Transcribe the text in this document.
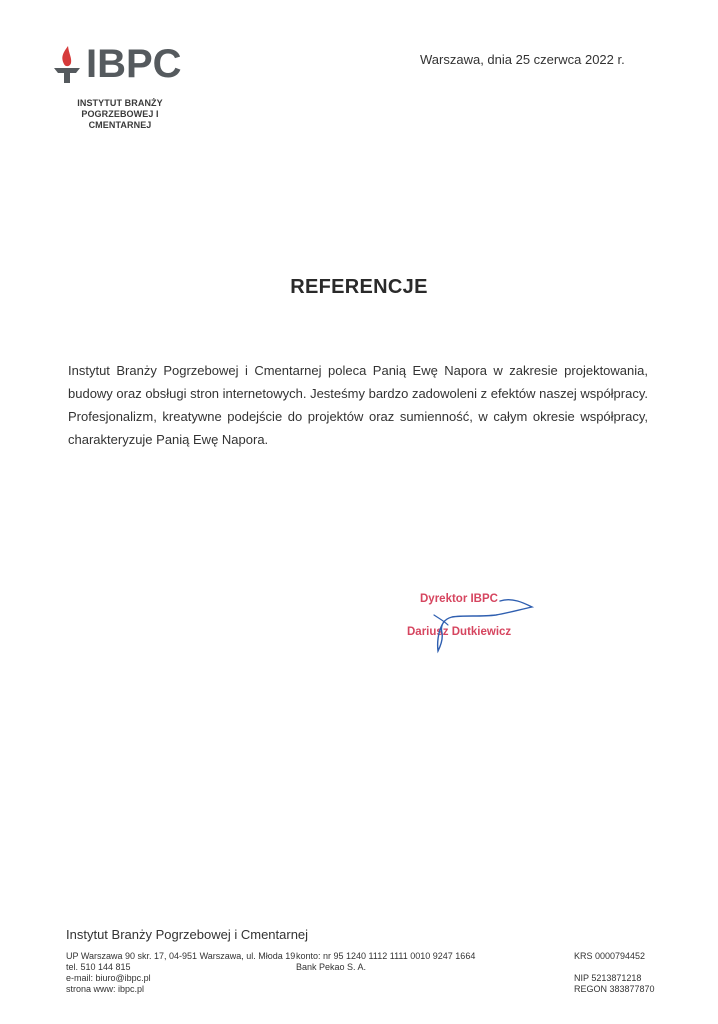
IBPC
INSTYTUT BRANŻY
POGRZEBOWEJ I CMENTARNEJ
Warszawa, dnia 25 czerwca 2022 r.
REFERENCJE
Instytut Branży Pogrzebowej i Cmentarnej poleca Panią Ewę Napora w zakresie projektowania, budowy oraz obsługi stron internetowych. Jesteśmy bardzo zadowoleni z efektów naszej współpracy. Profesjonalizm, kreatywne podejście do projektów oraz sumienność, w całym okresie współpracy, charakteryzuje Panią Ewę Napora.
Dyrektor IBPC
Dariusz Dutkiewicz
Instytut Branży Pogrzebowej i Cmentarnej
UP Warszawa 90 skr. 17, 04-951 Warszawa, ul. Młoda 19
tel. 510 144 815
e-mail: biuro@ibpc.pl
strona www: ibpc.pl
konto: nr 95 1240 1112 1111 0010 9247 1664
Bank Pekao S. A.
KRS 0000794452
NIP 5213871218
REGON 383877870
